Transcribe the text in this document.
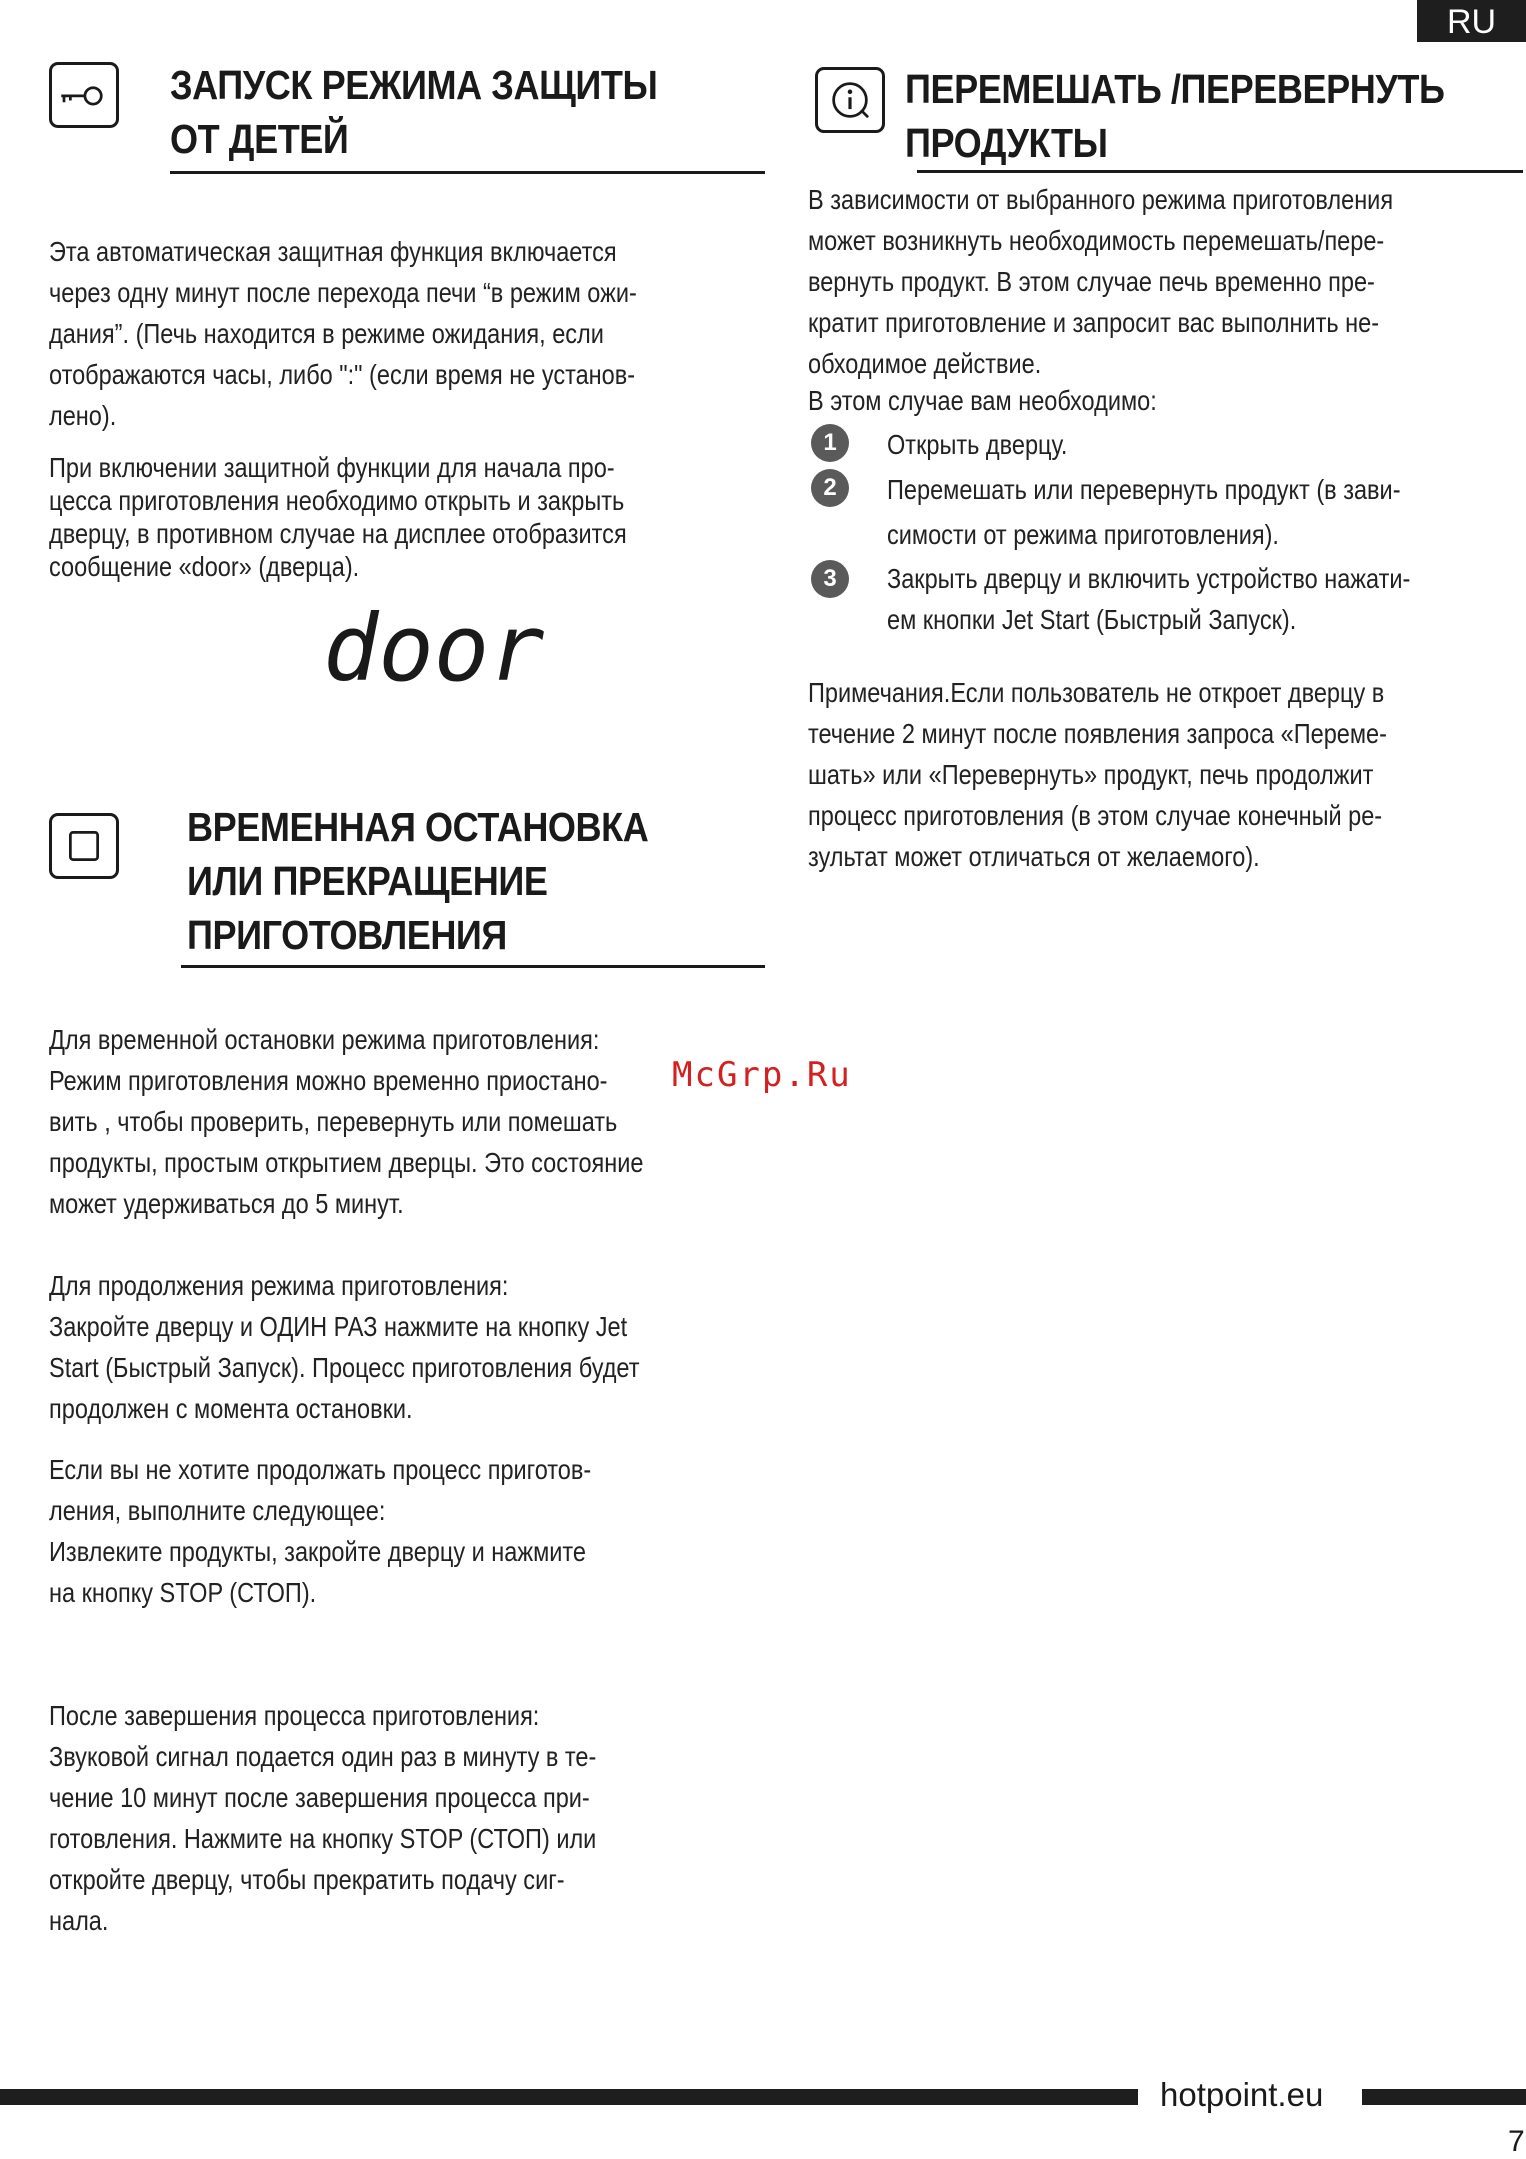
RU
ЗАПУСК РЕЖИМА ЗАЩИТЫ
ОТ ДЕТЕЙ

Эта автоматическая защитная функция включается

через одну минут после перехода печи “в режим ожи-

дания”. (Печь находится в режиме ожидания, если

отображаются часы, либо ":" (если время не установ-

лено).

При включении защитной функции для начала про-

цесса приготовления необходимо открыть и закрыть

дверцу, в противном случае на дисплее отобразится

сообщение «door» (дверца).

door
ВРЕМЕННАЯ ОСТАНОВКА
ИЛИ ПРЕКРАЩЕНИЕ
ПРИГОТОВЛЕНИЯ

Для временной остановки режима приготовления:

Режим приготовления можно временно приостано-

вить , чтобы проверить, перевернуть или помешать

продукты, простым открытием дверцы. Это состояние

может удерживаться до 5 минут.

Для продолжения режима приготовления:

Закройте дверцу и ОДИН РАЗ нажмите на кнопку Jet

Start (Быстрый Запуск). Процесс приготовления будет

продолжен с момента остановки.

Если вы не хотите продолжать процесс приготов-

ления, выполните следующее:

Извлеките продукты, закройте дверцу и нажмите

на кнопку STOP (СТОП).

После завершения процесса приготовления:

Звуковой сигнал подается один раз в минуту в те-

чение 10 минут после завершения процесса при-

готовления. Нажмите на кнопку STOP (СТОП) или

откройте дверцу, чтобы прекратить подачу сиг-

нала.

ПЕРЕМЕШАТЬ /ПЕРЕВЕРНУТЬ
ПРОДУКТЫ

В зависимости от выбранного режима приготовления

может возникнуть необходимость перемешать/пере-

вернуть продукт. В этом случае печь временно пре-

кратит приготовление и запросит вас выполнить не-

обходимое действие.

В этом случае вам необходимо:

1	Открыть дверцу.
2	Перемешать или перевернуть продукт (в зави-
симости от режима приготовления).
3	Закрыть дверцу и включить устройство нажати-
ем кнопки Jet Start (Быстрый Запуск).

Примечания.Если пользователь не откроет дверцу в

течение 2 минут после появления запроса «Переме-

шать» или «Перевернуть» продукт, печь продолжит

процесс приготовления (в этом случае конечный ре-

зультат может отличаться от желаемого).

McGrp.Ru
hotpoint.eu
7
